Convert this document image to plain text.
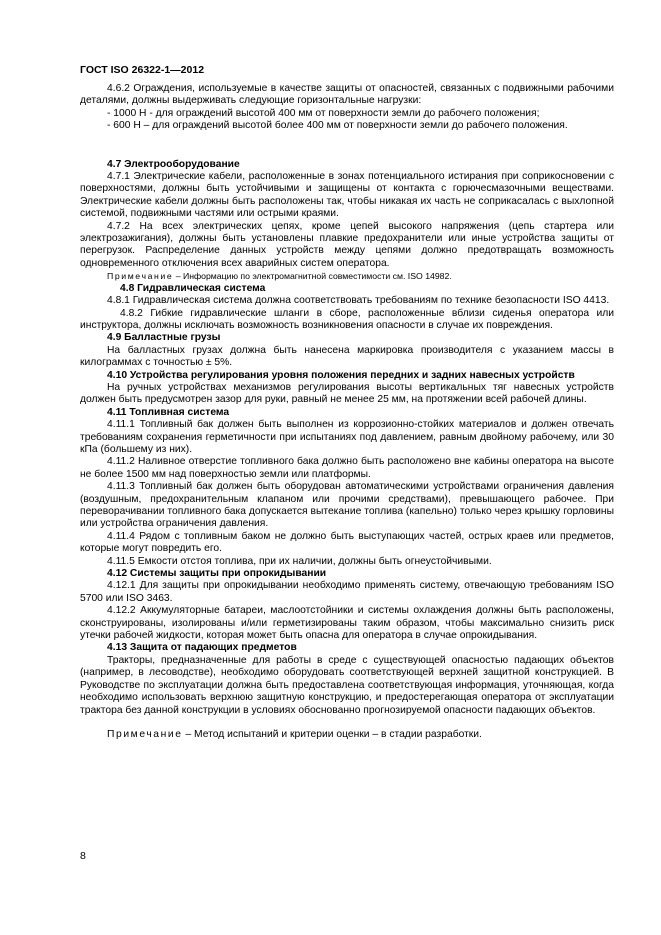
ГОСТ ISO 26322-1—2012

4.6.2 Ограждения, используемые в качестве защиты от опасностей, связанных с подвижными рабочими деталями, должны выдерживать следующие горизонтальные нагрузки:

- 1000 Н - для ограждений высотой 400 мм от поверхности земли до рабочего положения;

- 600 Н – для ограждений высотой более 400 мм от поверхности земли до рабочего положения.

4.7 Электрооборудование

4.7.1 Электрические кабели, расположенные в зонах потенциального истирания при соприкосновении с поверхностями, должны быть устойчивыми и защищены от контакта с горючесмазочными веществами. Электрические кабели должны быть расположены так, чтобы никакая их часть не соприкасалась с выхлопной системой, подвижными частями или острыми краями.

4.7.2 На всех электрических цепях, кроме цепей высокого напряжения (цепь стартера или электрозажигания), должны быть установлены плавкие предохранители или иные устройства защиты от перегрузок. Распределение данных устройств между цепями должно предотвращать возможность одновременного отключения всех аварийных систем оператора.

Примечание – Информацию по электромагнитной совместимости см. ISO 14982.

4.8 Гидравлическая система

4.8.1 Гидравлическая система должна соответствовать требованиям по технике безопасности ISO 4413.

4.8.2 Гибкие гидравлические шланги в сборе, расположенные вблизи сиденья оператора или инструктора, должны исключать возможность возникновения опасности в случае их повреждения.

4.9 Балластные грузы

На балластных грузах должна быть нанесена маркировка производителя с указанием массы в килограммах с точностью ± 5%.

4.10 Устройства регулирования уровня положения передних и задних навесных устройств

На ручных устройствах механизмов регулирования высоты вертикальных тяг навесных устройств должен быть предусмотрен зазор для руки, равный не менее 25 мм, на протяжении всей рабочей длины.

4.11 Топливная система

4.11.1 Топливный бак должен быть выполнен из коррозионно-стойких материалов и должен отвечать требованиям сохранения герметичности при испытаниях под давлением, равным двойному рабочему, или 30 кПа (большему из них).

4.11.2 Наливное отверстие топливного бака должно быть расположено вне кабины оператора на высоте не более 1500 мм над поверхностью земли или платформы.

4.11.3 Топливный бак должен быть оборудован автоматическими устройствами ограничения давления (воздушным, предохранительным клапаном или прочими средствами), превышающего рабочее. При переворачивании топливного бака допускается вытекание топлива (капельно) только через крышку горловины или устройства ограничения давления.

4.11.4 Рядом с топливным баком не должно быть выступающих частей, острых краев или предметов, которые могут повредить его.

4.11.5 Емкости отстоя топлива, при их наличии, должны быть огнеустойчивыми.

4.12 Системы защиты при опрокидывании

4.12.1 Для защиты при опрокидывании необходимо применять систему, отвечающую требованиям ISO 5700 или ISO 3463.

4.12.2 Аккумуляторные батареи, маслоотстойники и системы охлаждения должны быть расположены, сконструированы, изолированы и/или герметизированы таким образом, чтобы максимально снизить риск утечки рабочей жидкости, которая может быть опасна для оператора в случае опрокидывания.

4.13 Защита от падающих предметов

Тракторы, предназначенные для работы в среде с существующей опасностью падающих объектов (например, в лесоводстве), необходимо оборудовать соответствующей верхней защитной конструкцией. В Руководстве по эксплуатации должна быть предоставлена соответствующая информация, уточняющая, когда необходимо использовать верхнюю защитную конструкцию, и предостерегающая оператора от эксплуатации трактора без данной конструкции в условиях обоснованно прогнозируемой опасности падающих объектов.

Примечание – Метод испытаний и критерии оценки – в стадии разработки.

8
